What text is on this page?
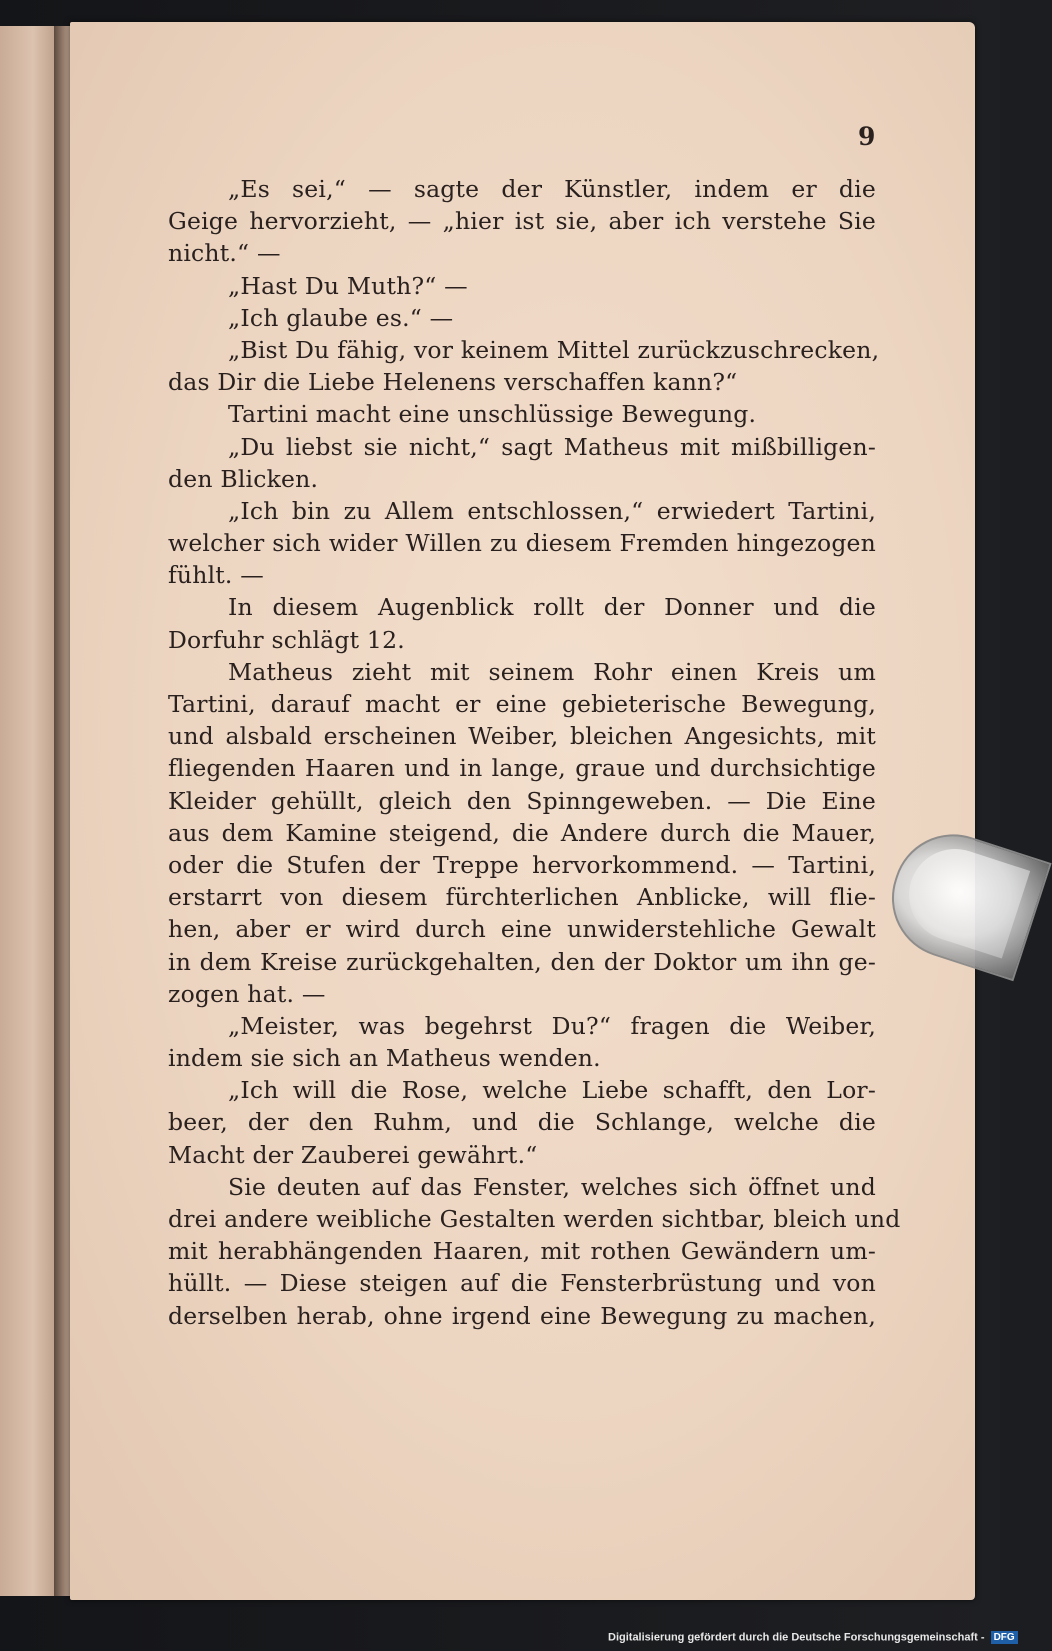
9
„Es sei,“ — sagte der Künstler, indem er die
Geige hervorzieht, — „hier ist sie, aber ich verstehe Sie
nicht.“ —
„Hast Du Muth?“ —
„Ich glaube es.“ —
„Bist Du fähig, vor keinem Mittel zurückzuschrecken,
das Dir die Liebe Helenens verschaffen kann?“
Tartini macht eine unschlüssige Bewegung.
„Du liebst sie nicht,“ sagt Matheus mit mißbilligen-
den Blicken.
„Ich bin zu Allem entschlossen,“ erwiedert Tartini,
welcher sich wider Willen zu diesem Fremden hingezogen
fühlt. —
In diesem Augenblick rollt der Donner und die
Dorfuhr schlägt 12.
Matheus zieht mit seinem Rohr einen Kreis um
Tartini, darauf macht er eine gebieterische Bewegung,
und alsbald erscheinen Weiber, bleichen Angesichts, mit
fliegenden Haaren und in lange, graue und durchsichtige
Kleider gehüllt, gleich den Spinngeweben. — Die Eine
aus dem Kamine steigend, die Andere durch die Mauer,
oder die Stufen der Treppe hervorkommend. — Tartini,
erstarrt von diesem fürchterlichen Anblicke, will flie-
hen, aber er wird durch eine unwiderstehliche Gewalt
in dem Kreise zurückgehalten, den der Doktor um ihn ge-
zogen hat. —
„Meister, was begehrst Du?“ fragen die Weiber,
indem sie sich an Matheus wenden.
„Ich will die Rose, welche Liebe schafft, den Lor-
beer, der den Ruhm, und die Schlange, welche die
Macht der Zauberei gewährt.“
Sie deuten auf das Fenster, welches sich öffnet und
drei andere weibliche Gestalten werden sichtbar, bleich und
mit herabhängenden Haaren, mit rothen Gewändern um-
hüllt. — Diese steigen auf die Fensterbrüstung und von
derselben herab, ohne irgend eine Bewegung zu machen,
Digitalisierung gefördert durch die Deutsche Forschungsgemeinschaft - DFG
